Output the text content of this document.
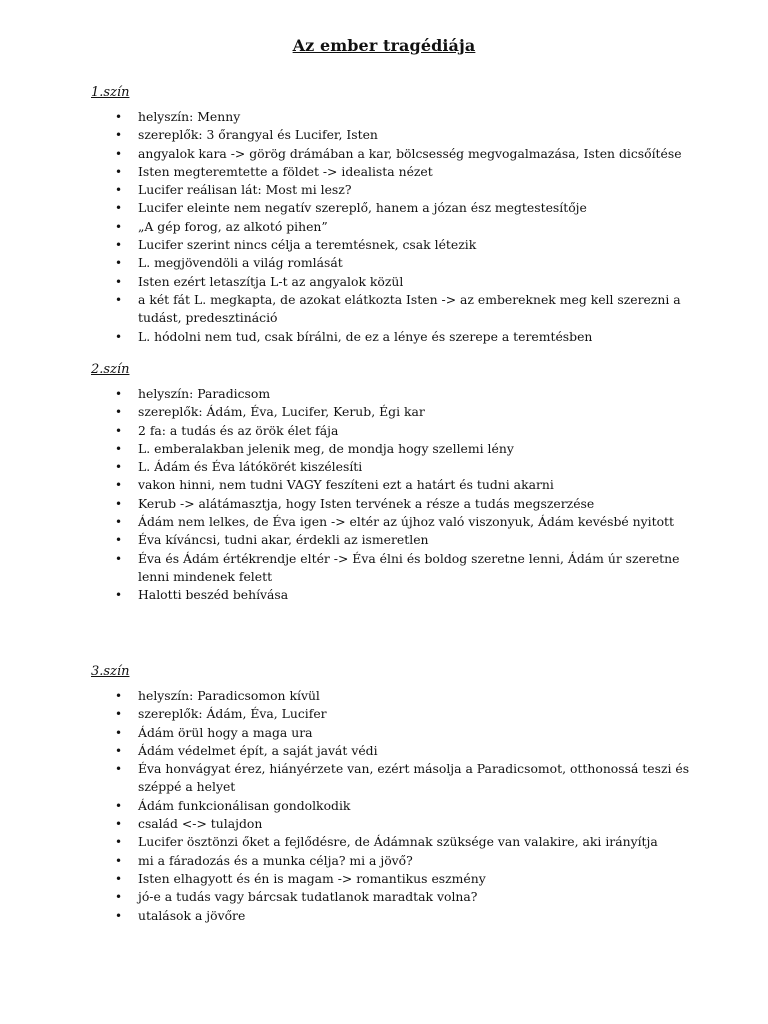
Az ember tragédiája

1.szín

• helyszín: Menny
• szereplők: 3 őrangyal és Lucifer, Isten
• angyalok kara -> görög drámában a kar, bölcsesség megvogalmazása, Isten dicsőítése
• Isten megteremtette a földet -> idealista nézet
• Lucifer reálisan lát: Most mi lesz?
• Lucifer eleinte nem negatív szereplő, hanem a józan ész megtestesítője
• „A gép forog, az alkotó pihen”
• Lucifer szerint nincs célja a teremtésnek, csak létezik
• L. megjövendöli a világ romlását
• Isten ezért letaszítja L-t az angyalok közül
• a két fát L. megkapta, de azokat elátkozta Isten -> az embereknek meg kell szerezni a tudást, predesztináció
• L. hódolni nem tud, csak bírálni, de ez a lénye és szerepe a teremtésben

2.szín

• helyszín: Paradicsom
• szereplők: Ádám, Éva, Lucifer, Kerub, Égi kar
• 2 fa: a tudás és az örök élet fája
• L. emberalakban jelenik meg, de mondja hogy szellemi lény
• L. Ádám és Éva látókörét kiszélesíti
• vakon hinni, nem tudni VAGY feszíteni ezt a határt és tudni akarni
• Kerub -> alátámasztja, hogy Isten tervének a része a tudás megszerzése
• Ádám nem lelkes, de Éva igen -> eltér az újhoz való viszonyuk, Ádám kevésbé nyitott
• Éva kíváncsi, tudni akar, érdekli az ismeretlen
• Éva és Ádám értékrendje eltér -> Éva élni és boldog szeretne lenni, Ádám úr szeretne lenni mindenek felett
• Halotti beszéd behívása

3.szín

• helyszín: Paradicsomon kívül
• szereplők: Ádám, Éva, Lucifer
• Ádám örül hogy a maga ura
• Ádám védelmet épít, a saját javát védi
• Éva honvágyat érez, hiányérzete van, ezért másolja a Paradicsomot, otthonossá teszi és széppé a helyet
• Ádám funkcionálisan gondolkodik
• család <-> tulajdon
• Lucifer ösztönzi őket a fejlődésre, de Ádámnak szüksége van valakire, aki irányítja
• mi a fáradozás és a munka célja? mi a jövő?
• Isten elhagyott és én is magam -> romantikus eszmény
• jó-e a tudás vagy bárcsak tudatlanok maradtak volna?
• utalások a jövőre
